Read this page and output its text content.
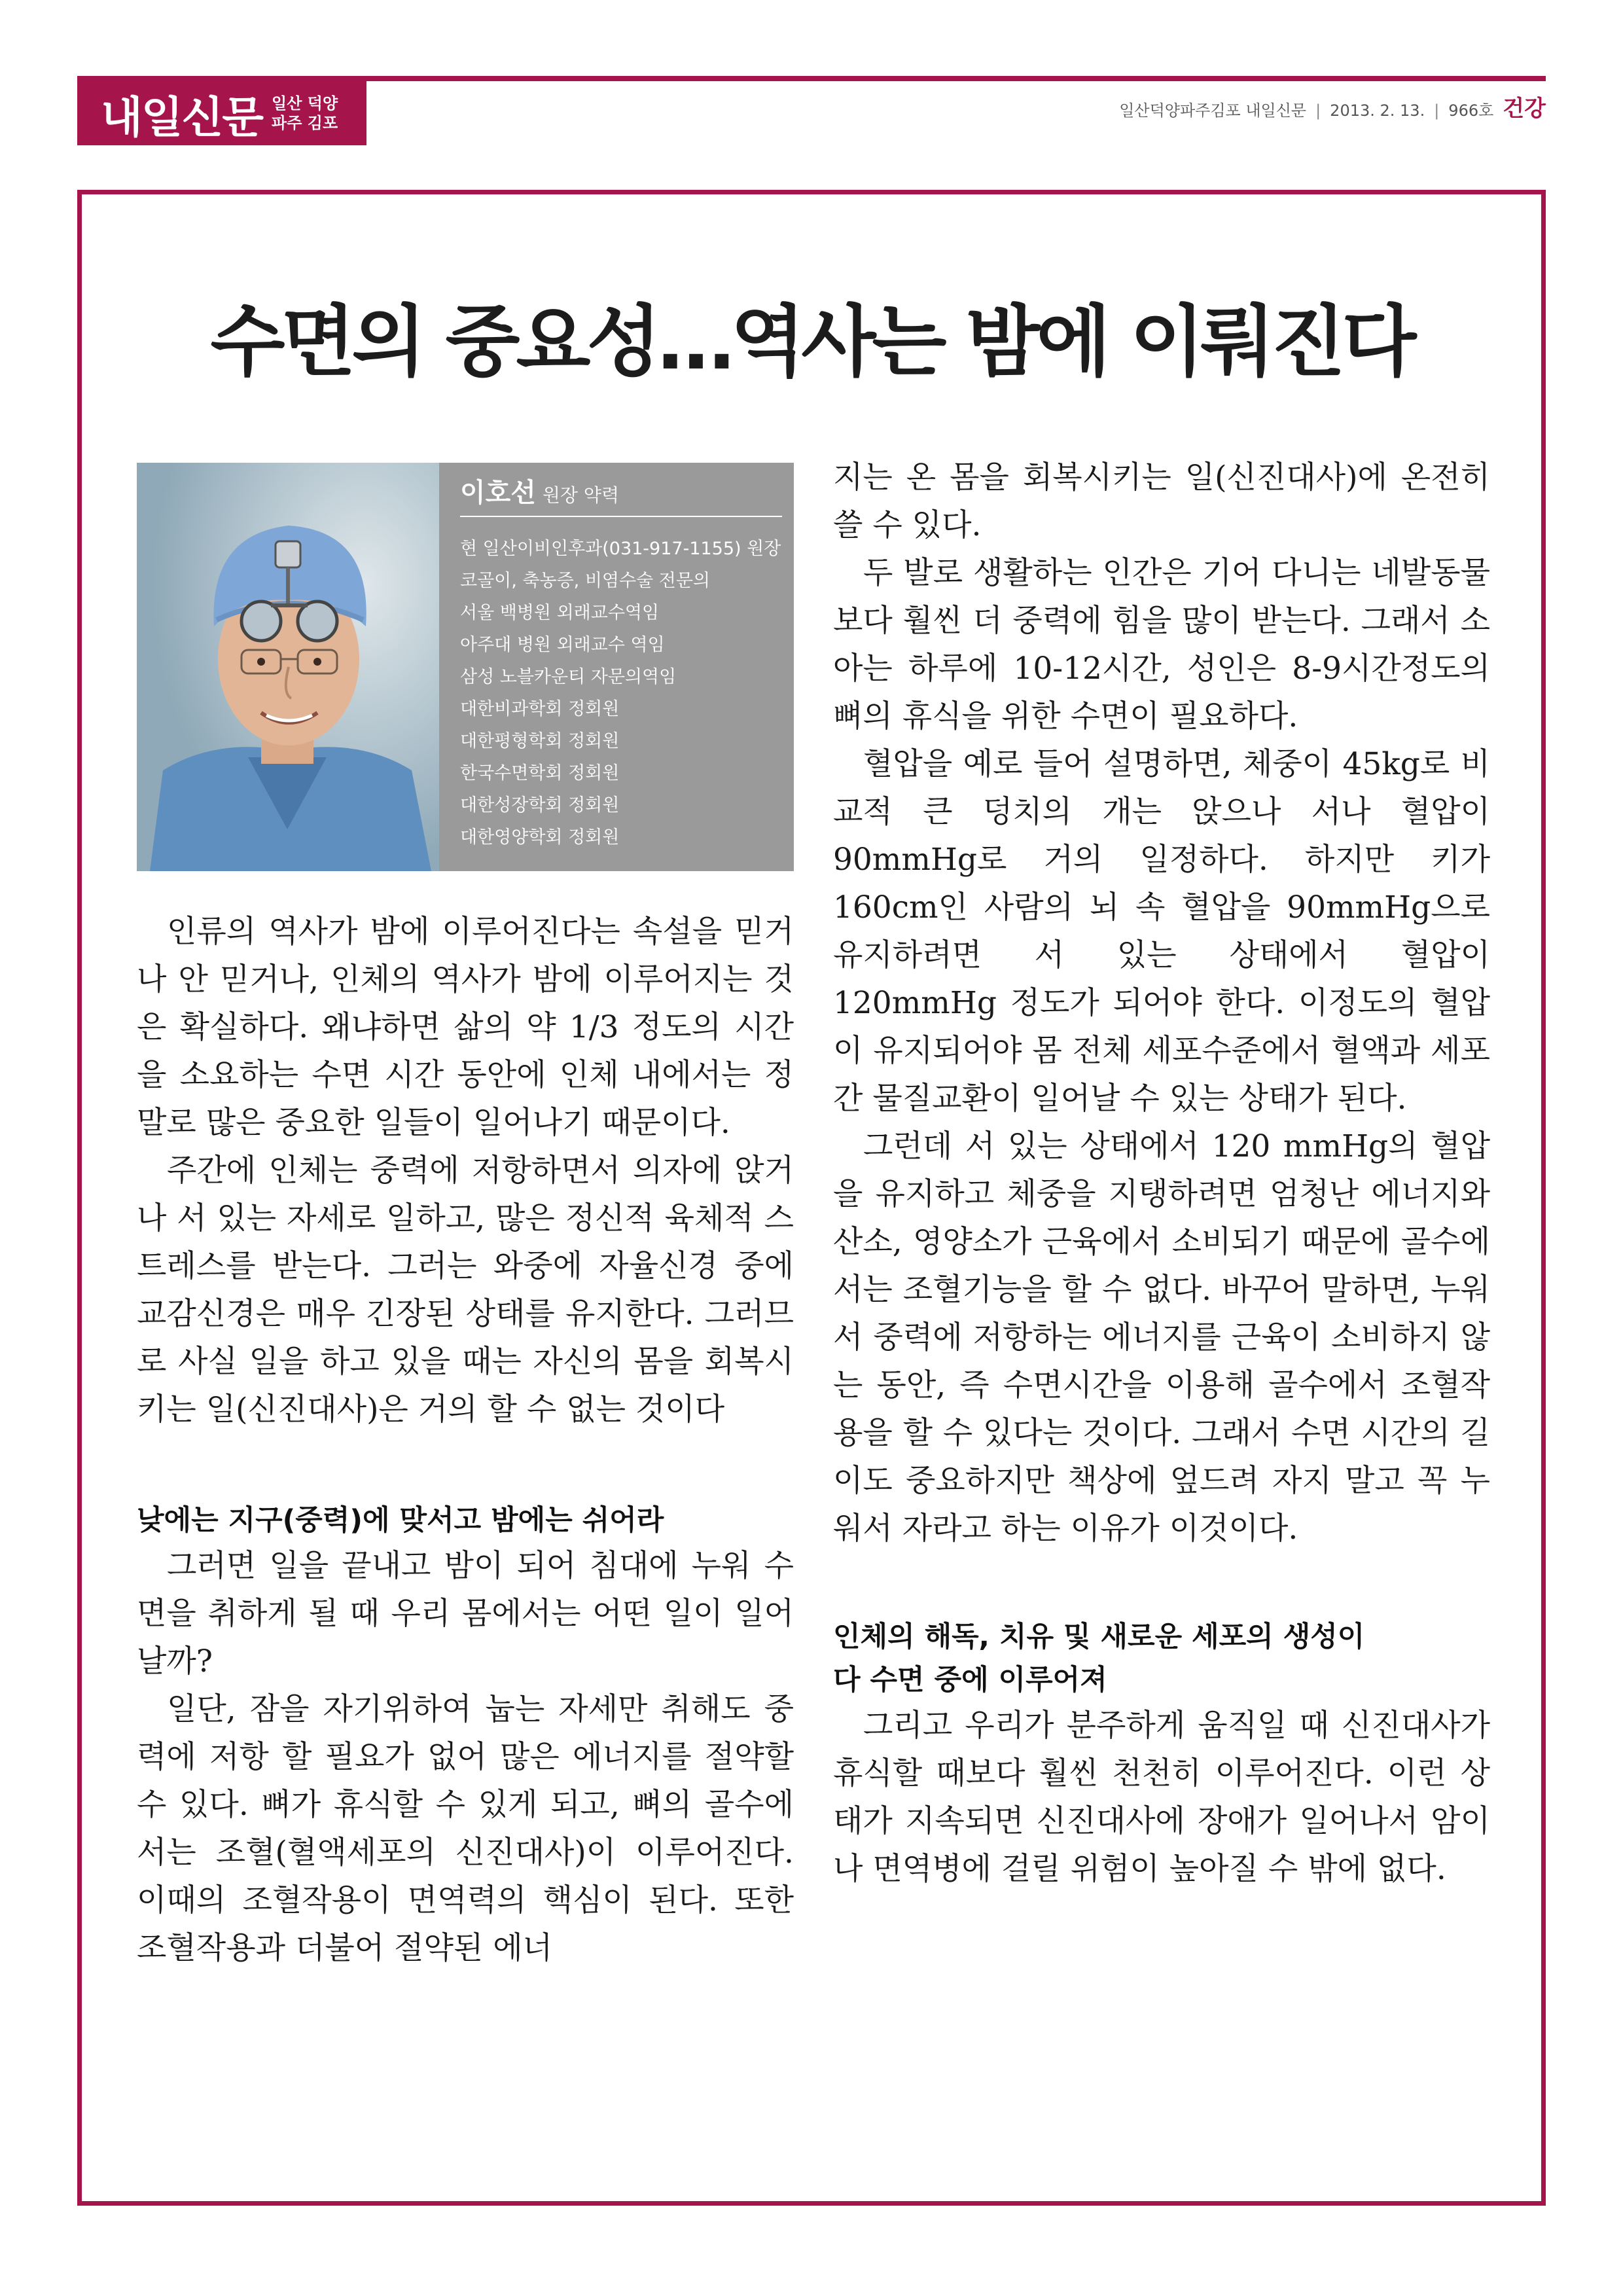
내일신문 일산 덕양
파주 김포
일산덕양파주김포 내일신문 | 2013. 2. 13. | 966호 건강
수면의 중요성…역사는 밤에 이뤄진다
이호선 원장 약력
현 일산이비인후과(031-917-1155) 원장
코골이, 축농증, 비염수술 전문의
서울 백병원 외래교수역임
아주대 병원 외래교수 역임
삼성 노블카운티 자문의역임
대한비과학회 정회원
대한평형학회 정회원
한국수면학회 정회원
대한성장학회 정회원
대한영양학회 정회원

인류의 역사가 밤에 이루어진다는 속설을 믿거나 안 믿거나, 인체의 역사가 밤에 이루어지는 것은 확실하다. 왜냐하면 삶의 약 1/3 정도의 시간을 소요하는 수면 시간 동안에 인체 내에서는 정말로 많은 중요한 일들이 일어나기 때문이다.

주간에 인체는 중력에 저항하면서 의자에 앉거나 서 있는 자세로 일하고, 많은 정신적 육체적 스트레스를 받는다. 그러는 와중에 자율신경 중에 교감신경은 매우 긴장된 상태를 유지한다. 그러므로 사실 일을 하고 있을 때는 자신의 몸을 회복시키는 일(신진대사)은 거의 할 수 없는 것이다

낮에는 지구(중력)에 맞서고 밤에는 쉬어라

그러면 일을 끝내고 밤이 되어 침대에 누워 수면을 취하게 될 때 우리 몸에서는 어떤 일이 일어날까?

일단, 잠을 자기위하여 눕는 자세만 취해도 중력에 저항 할 필요가 없어 많은 에너지를 절약할 수 있다. 뼈가 휴식할 수 있게 되고, 뼈의 골수에서는 조혈(혈액세포의 신진대사)이 이루어진다. 이때의 조혈작용이 면역력의 핵심이 된다. 또한 조혈작용과 더불어 절약된 에너

지는 온 몸을 회복시키는 일(신진대사)에 온전히 쓸 수 있다.

두 발로 생활하는 인간은 기어 다니는 네발동물보다 훨씬 더 중력에 힘을 많이 받는다. 그래서 소아는 하루에 10-12시간, 성인은 8-9시간정도의 뼈의 휴식을 위한 수면이 필요하다.

혈압을 예로 들어 설명하면, 체중이 45kg로 비교적 큰 덩치의 개는 앉으나 서나 혈압이 90mmHg로 거의 일정하다. 하지만 키가 160cm인 사람의 뇌 속 혈압을 90mmHg으로 유지하려면 서 있는 상태에서 혈압이 120mmHg 정도가 되어야 한다. 이정도의 혈압이 유지되어야 몸 전체 세포수준에서 혈액과 세포간 물질교환이 일어날 수 있는 상태가 된다.

그런데 서 있는 상태에서 120 mmHg의 혈압을 유지하고 체중을 지탱하려면 엄청난 에너지와 산소, 영양소가 근육에서 소비되기 때문에 골수에서는 조혈기능을 할 수 없다. 바꾸어 말하면, 누워서 중력에 저항하는 에너지를 근육이 소비하지 않는 동안, 즉 수면시간을 이용해 골수에서 조혈작용을 할 수 있다는 것이다. 그래서 수면 시간의 길이도 중요하지만 책상에 엎드려 자지 말고 꼭 누워서 자라고 하는 이유가 이것이다.

인체의 해독, 치유 및 새로운 세포의 생성이
다 수면 중에 이루어져

그리고 우리가 분주하게 움직일 때 신진대사가 휴식할 때보다 훨씬 천천히 이루어진다. 이런 상태가 지속되면 신진대사에 장애가 일어나서 암이나 면역병에 걸릴 위험이 높아질 수 밖에 없다.
